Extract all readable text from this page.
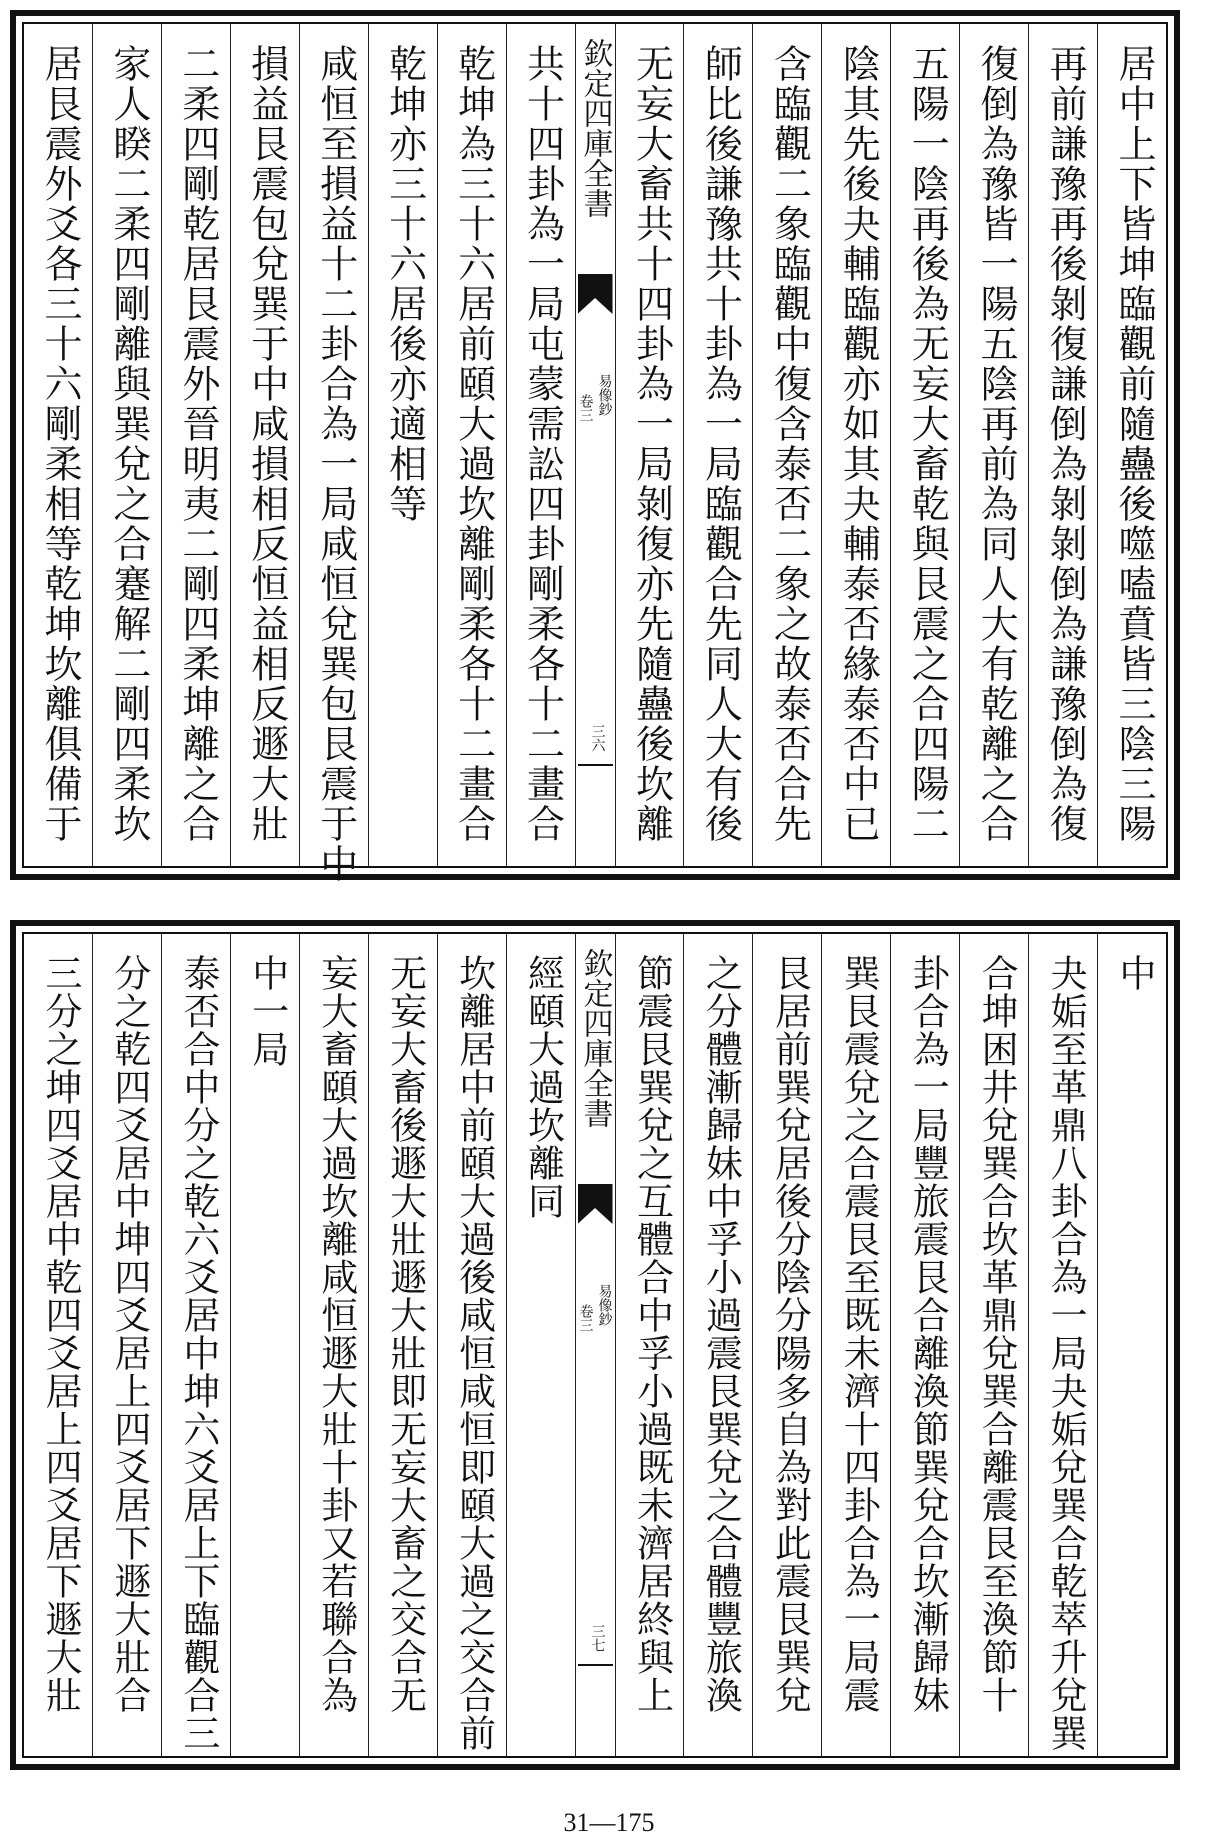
居中上下皆坤臨觀前隨蠱後噬嗑賁皆三陰三陽
再前謙豫再後剝復謙倒為剝剝倒為謙豫倒為復
復倒為豫皆一陽五陰再前為同人大有乾離之合
五陽一陰再後為无妄大畜乾與艮震之合四陽二
陰其先後夬輔臨觀亦如其夬輔泰否緣泰否中已
含臨觀二象臨觀中復含泰否二象之故泰否合先
師比後謙豫共十卦為一局臨觀合先同人大有後
无妄大畜共十四卦為一局剝復亦先隨蠱後坎離
欽定四庫全書
易像鈔
卷三
三六
共十四卦為一局屯蒙需訟四卦剛柔各十二畫合
乾坤為三十六居前頤大過坎離剛柔各十二畫合
乾坤亦三十六居後亦適相等
咸恒至損益十二卦合為一局咸恒兌巽包艮震于中
損益艮震包兌巽于中咸損相反恒益相反遯大壯
二柔四剛乾居艮震外晉明夷二剛四柔坤離之合
家人睽二柔四剛離與巽兌之合蹇解二剛四柔坎
居艮震外爻各三十六剛柔相等乾坤坎離俱備于
中
夬姤至革鼎八卦合為一局夬姤兌巽合乾萃升兌巽
合坤困井兌巽合坎革鼎兌巽合離震艮至渙節十
卦合為一局豐旅震艮合離渙節巽兌合坎漸歸妹
巽艮震兌之合震艮至既未濟十四卦合為一局震
艮居前巽兌居後分陰分陽多自為對此震艮巽兌
之分體漸歸妹中孚小過震艮巽兌之合體豐旅渙
節震艮巽兌之互體合中孚小過既未濟居終與上
欽定四庫全書
易像鈔
卷三
三七
經頤大過坎離同
坎離居中前頤大過後咸恒咸恒即頤大過之交合前
无妄大畜後遯大壯遯大壯即无妄大畜之交合无
妄大畜頤大過坎離咸恒遯大壯十卦又若聯合為
中一局
泰否合中分之乾六爻居中坤六爻居上下臨觀合三
分之乾四爻居中坤四爻居上四爻居下遯大壯合
三分之坤四爻居中乾四爻居上四爻居下遯大壯
31—175
